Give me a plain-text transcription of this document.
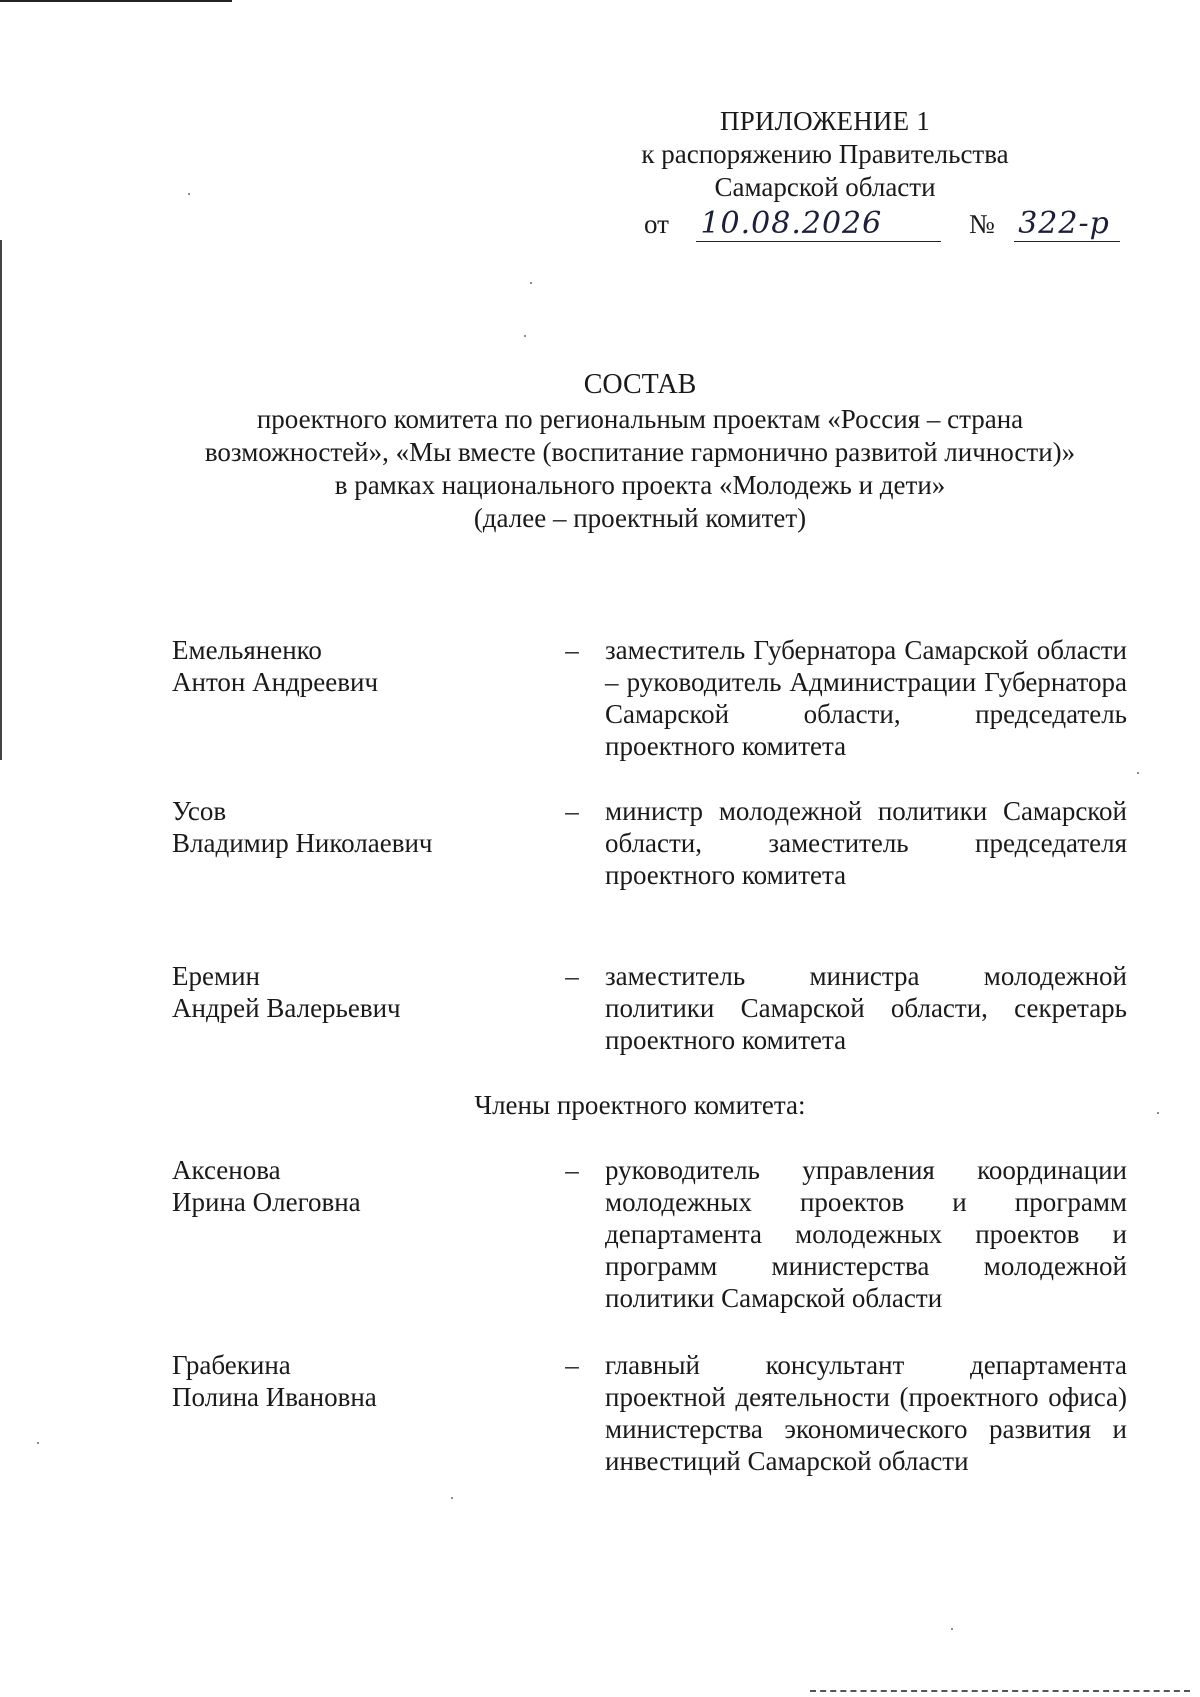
ПРИЛОЖЕНИЕ 1
к распоряжению Правительства
Самарской области
от 10.08.2026	№ 322-р
СОСТАВ
проектного комитета по региональным проектам «Россия – страна
возможностей», «Мы вместе (воспитание гармонично развитой личности)»
в рамках национального проекта «Молодежь и дети»
(далее – проектный комитет)
Емельяненко
Антон Андреевич
– заместитель Губернатора Самарской области – руководитель Администрации Губернатора Самарской области, председатель проектного комитета
Усов
Владимир Николаевич
– министр молодежной политики Самарской области, заместитель председателя проектного комитета
Еремин
Андрей Валерьевич
– заместитель министра молодежной политики Самарской области, секретарь проектного комитета
Члены проектного комитета:
Аксенова
Ирина Олеговна
– руководитель управления координации молодежных проектов и программ департамента молодежных проектов и программ министерства молодежной политики Самарской области
Грабекина
Полина Ивановна
– главный консультант департамента проектной деятельности (проектного офиса) министерства экономического развития и инвестиций Самарской области
